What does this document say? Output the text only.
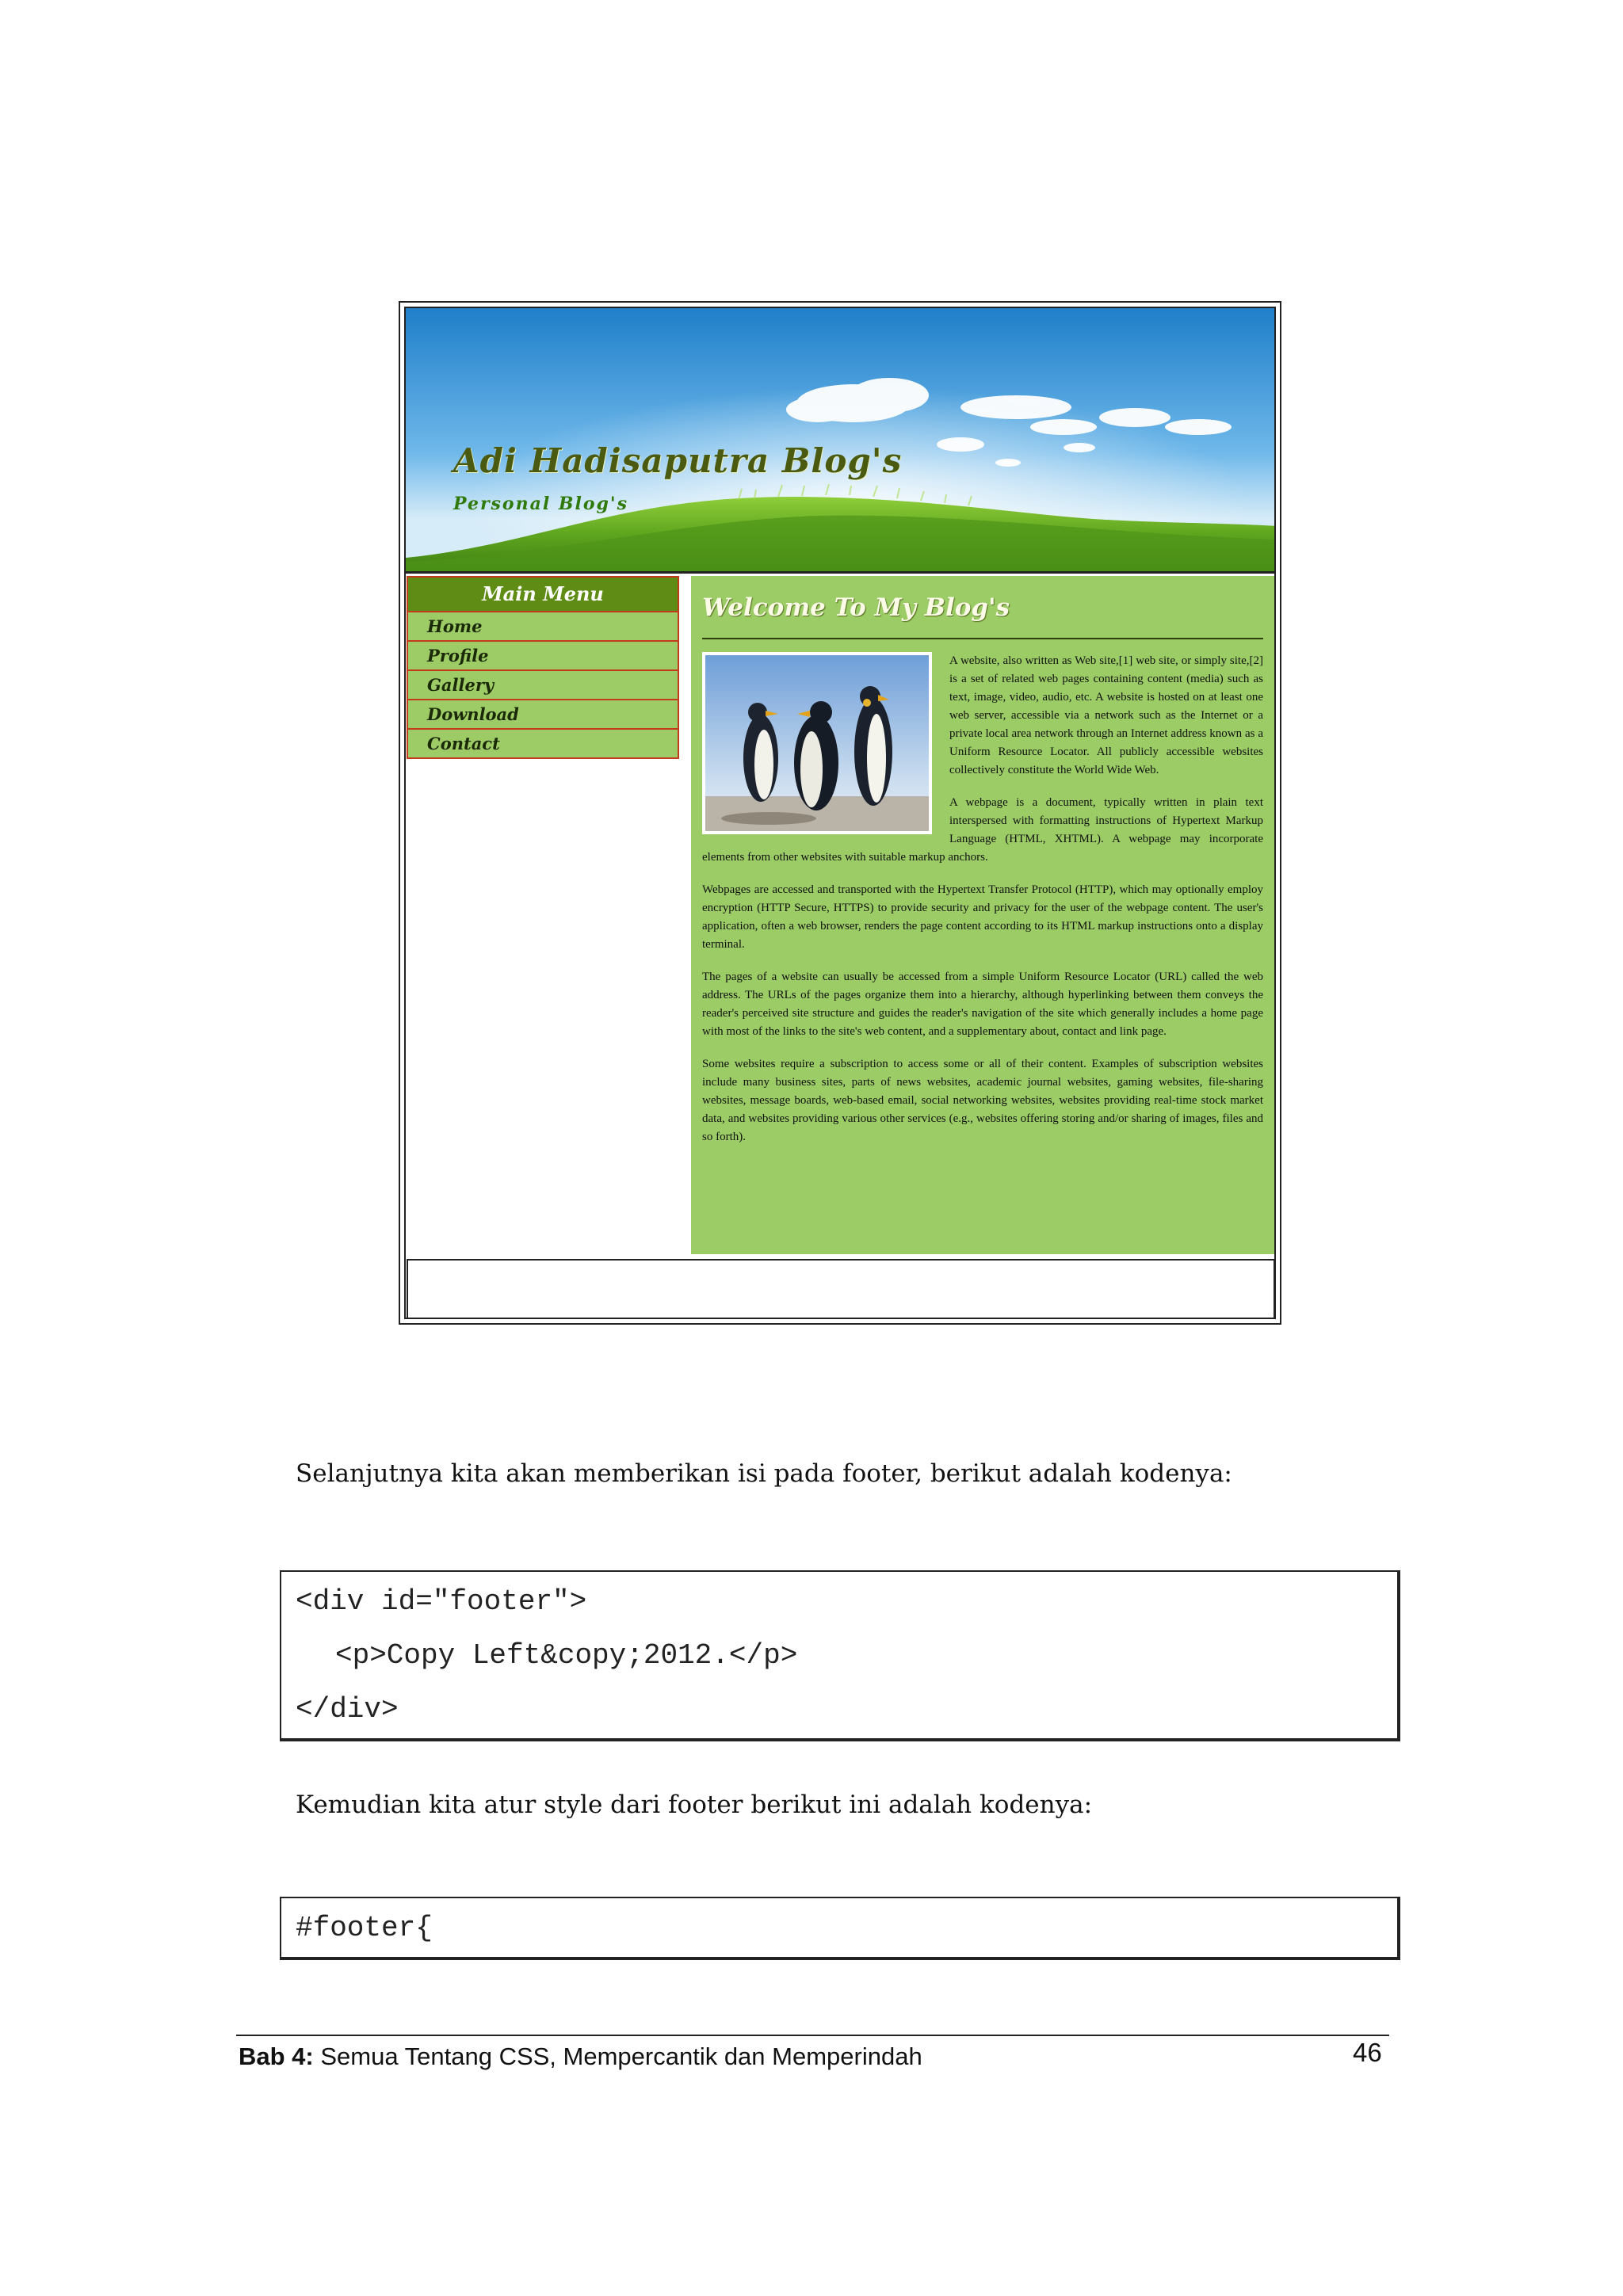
Adi Hadisaputra Blog's
Personal Blog's
Main Menu
Home
Profile
Gallery
Download
Contact
Welcome To My Blog's

A website, also written as Web site,[1] web site, or simply site,[2] is a set of related web pages containing content (media) such as text, image, video, audio, etc. A website is hosted on at least one web server, accessible via a network such as the Internet or a private local area network through an Internet address known as a Uniform Resource Locator. All publicly accessible websites collectively constitute the World Wide Web.

A webpage is a document, typically written in plain text interspersed with formatting instructions of Hypertext Markup Language (HTML, XHTML). A webpage may incorporate elements from other websites with suitable markup anchors.

Webpages are accessed and transported with the Hypertext Transfer Protocol (HTTP), which may optionally employ encryption (HTTP Secure, HTTPS) to provide security and privacy for the user of the webpage content. The user's application, often a web browser, renders the page content according to its HTML markup instructions onto a display terminal.

The pages of a website can usually be accessed from a simple Uniform Resource Locator (URL) called the web address. The URLs of the pages organize them into a hierarchy, although hyperlinking between them conveys the reader's perceived site structure and guides the reader's navigation of the site which generally includes a home page with most of the links to the site's web content, and a supplementary about, contact and link page.

Some websites require a subscription to access some or all of their content. Examples of subscription websites include many business sites, parts of news websites, academic journal websites, gaming websites, file-sharing websites, message boards, web-based email, social networking websites, websites providing real-time stock market data, and websites providing various other services (e.g., websites offering storing and/or sharing of images, files and so forth).

Selanjutnya kita akan memberikan isi pada footer, berikut adalah kodenya:

<div id="footer">

<p>Copy Left&copy;2012.</p>

</div>

Kemudian kita atur style dari footer berikut ini adalah kodenya:

#footer{

Bab 4: Semua Tentang CSS, Mempercantik dan Memperindah	46
